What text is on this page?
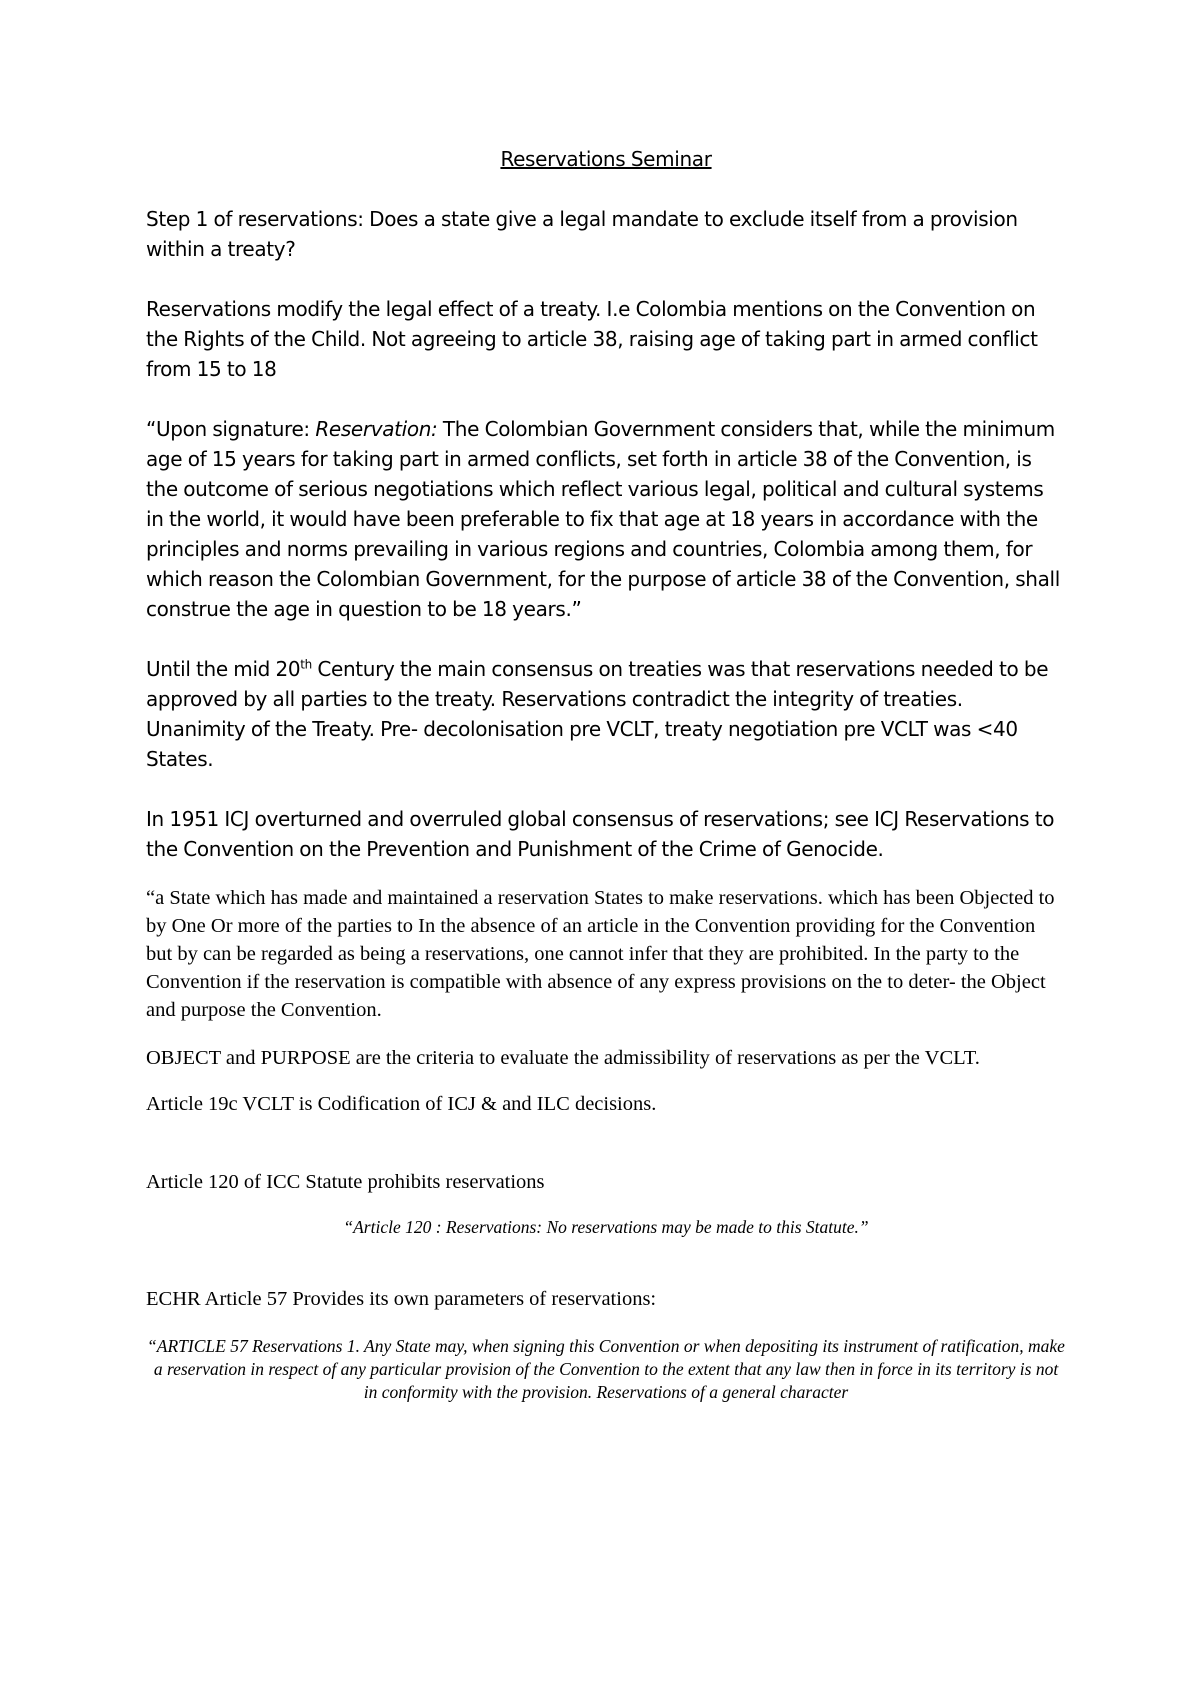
Reservations Seminar

Step 1 of reservations: Does a state give a legal mandate to exclude itself from a provision within a treaty?

Reservations modify the legal effect of a treaty. I.e Colombia mentions on the Convention on the Rights of the Child. Not agreeing to article 38, raising age of taking part in armed conflict from 15 to 18

“Upon signature: Reservation: The Colombian Government considers that, while the minimum age of 15 years for taking part in armed conflicts, set forth in article 38 of the Convention, is the outcome of serious negotiations which reflect various legal, political and cultural systems in the world, it would have been preferable to fix that age at 18 years in accordance with the principles and norms prevailing in various regions and countries, Colombia among them, for which reason the Colombian Government, for the purpose of article 38 of the Convention, shall construe the age in question to be 18 years.”

Until the mid 20th Century the main consensus on treaties was that reservations needed to be approved by all parties to the treaty. Reservations contradict the integrity of treaties. Unanimity of the Treaty. Pre- decolonisation pre VCLT, treaty negotiation pre VCLT was <40 States.

In 1951 ICJ overturned and overruled global consensus of reservations; see ICJ Reservations to the Convention on the Prevention and Punishment of the Crime of Genocide.

“a State which has made and maintained a reservation States to make reservations. which has been Objected to by One Or more of the parties to In the absence of an article in the Convention providing for the Convention but by can be regarded as being a reservations, one cannot infer that they are prohibited. In the party to the Convention if the reservation is compatible with absence of any express provisions on the to deter- the Object and purpose the Convention.

OBJECT and PURPOSE are the criteria to evaluate the admissibility of reservations as per the VCLT.

Article 19c VCLT is Codification of ICJ & and ILC decisions.

Article 120 of ICC Statute prohibits reservations

“Article 120 : Reservations: No reservations may be made to this Statute.”

ECHR Article 57 Provides its own parameters of reservations:

“ARTICLE 57 Reservations 1. Any State may, when signing this Convention or when depositing its instrument of ratification, make a reservation in respect of any particular provision of the Convention to the extent that any law then in force in its territory is not in conformity with the provision. Reservations of a general character
